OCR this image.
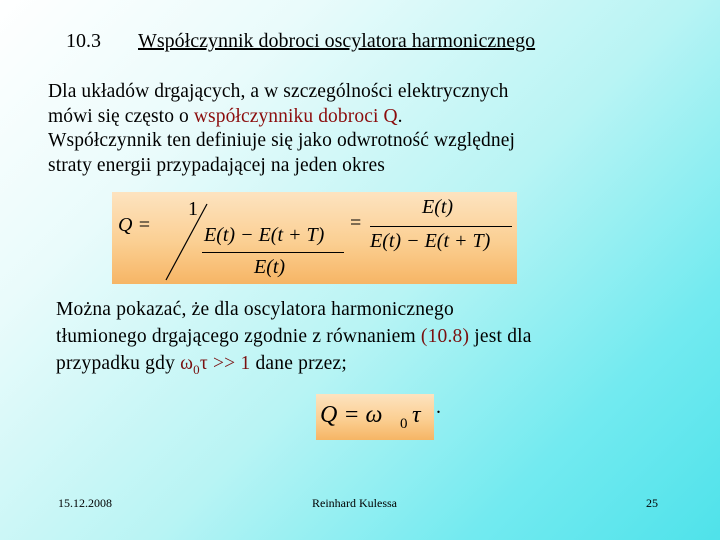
10.3 Współczynnik dobroci oscylatora harmonicznego
Dla układów drgających, a w szczególności elektrycznych
mówi się często o współczynniku dobroci Q.
Współczynnik ten definiuje się jako odwrotność względnej
straty energii przypadającej na jeden okres
Q =
1
E(t) − E(t + T)
E(t)
=
E(t)
E(t) − E(t + T)
Można pokazać, że dla oscylatora harmonicznego
tłumionego drgającego zgodnie z równaniem (10.8) jest dla
przypadku gdy $\omega_0\tau >> 1$ dane przez;
Q = ω 0 τ .
15.12.2008	Reinhard Kulessa	25
